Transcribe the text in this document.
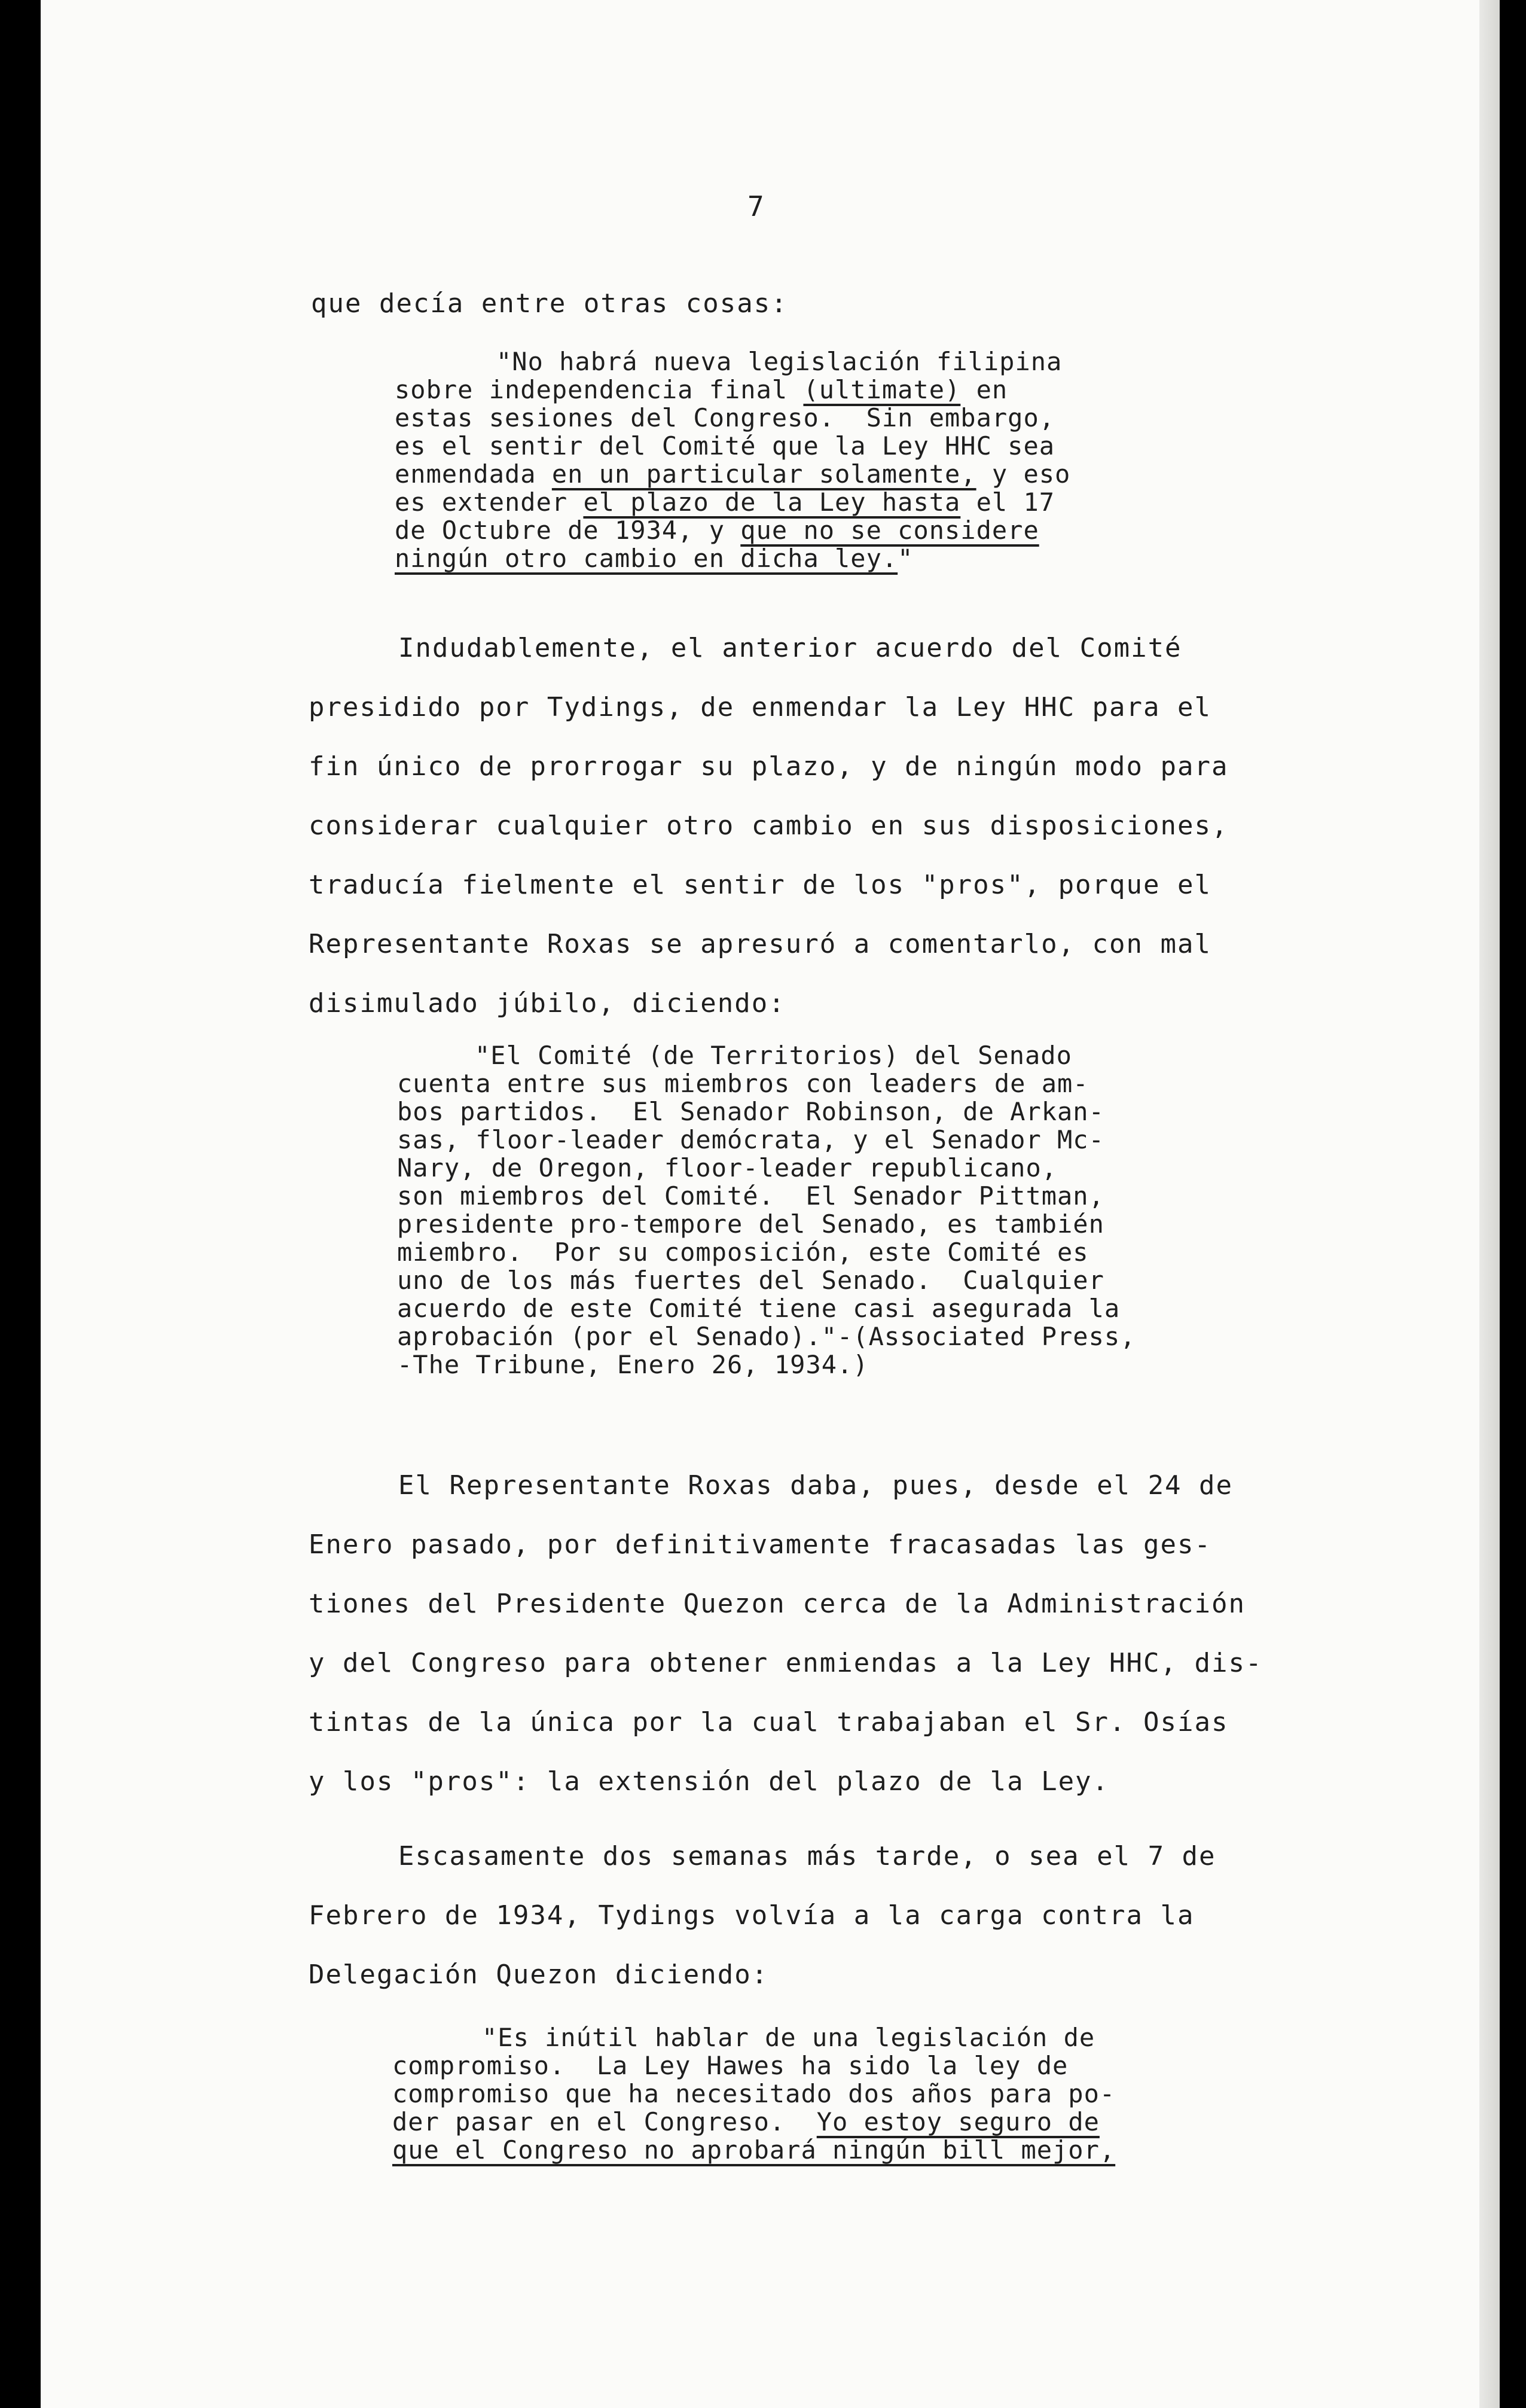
7
que decía entre otras cosas:
"No habrá nueva legislación filipina
sobre independencia final (ultimate) en
estas sesiones del Congreso.  Sin embargo,
es el sentir del Comité que la Ley HHC sea
enmendada en un particular solamente, y eso
es extender el plazo de la Ley hasta el 17
de Octubre de 1934, y que no se considere
ningún otro cambio en dicha ley."
Indudablemente, el anterior acuerdo del Comité
presidido por Tydings, de enmendar la Ley HHC para el
fin único de prorrogar su plazo, y de ningún modo para
considerar cualquier otro cambio en sus disposiciones,
traducía fielmente el sentir de los "pros", porque el
Representante Roxas se apresuró a comentarlo, con mal
disimulado júbilo, diciendo:
"El Comité (de Territorios) del Senado
cuenta entre sus miembros con leaders de am-
bos partidos.  El Senador Robinson, de Arkan-
sas, floor-leader demócrata, y el Senador Mc-
Nary, de Oregon, floor-leader republicano,
son miembros del Comité.  El Senador Pittman,
presidente pro-tempore del Senado, es también
miembro.  Por su composición, este Comité es
uno de los más fuertes del Senado.  Cualquier
acuerdo de este Comité tiene casi asegurada la
aprobación (por el Senado)."-(Associated Press,
-The Tribune, Enero 26, 1934.)
El Representante Roxas daba, pues, desde el 24 de
Enero pasado, por definitivamente fracasadas las ges-
tiones del Presidente Quezon cerca de la Administración
y del Congreso para obtener enmiendas a la Ley HHC, dis-
tintas de la única por la cual trabajaban el Sr. Osías
y los "pros": la extensión del plazo de la Ley.
Escasamente dos semanas más tarde, o sea el 7 de
Febrero de 1934, Tydings volvía a la carga contra la
Delegación Quezon diciendo:
"Es inútil hablar de una legislación de
compromiso.  La Ley Hawes ha sido la ley de
compromiso que ha necesitado dos años para po-
der pasar en el Congreso.  Yo estoy seguro de
que el Congreso no aprobará ningún bill mejor,
